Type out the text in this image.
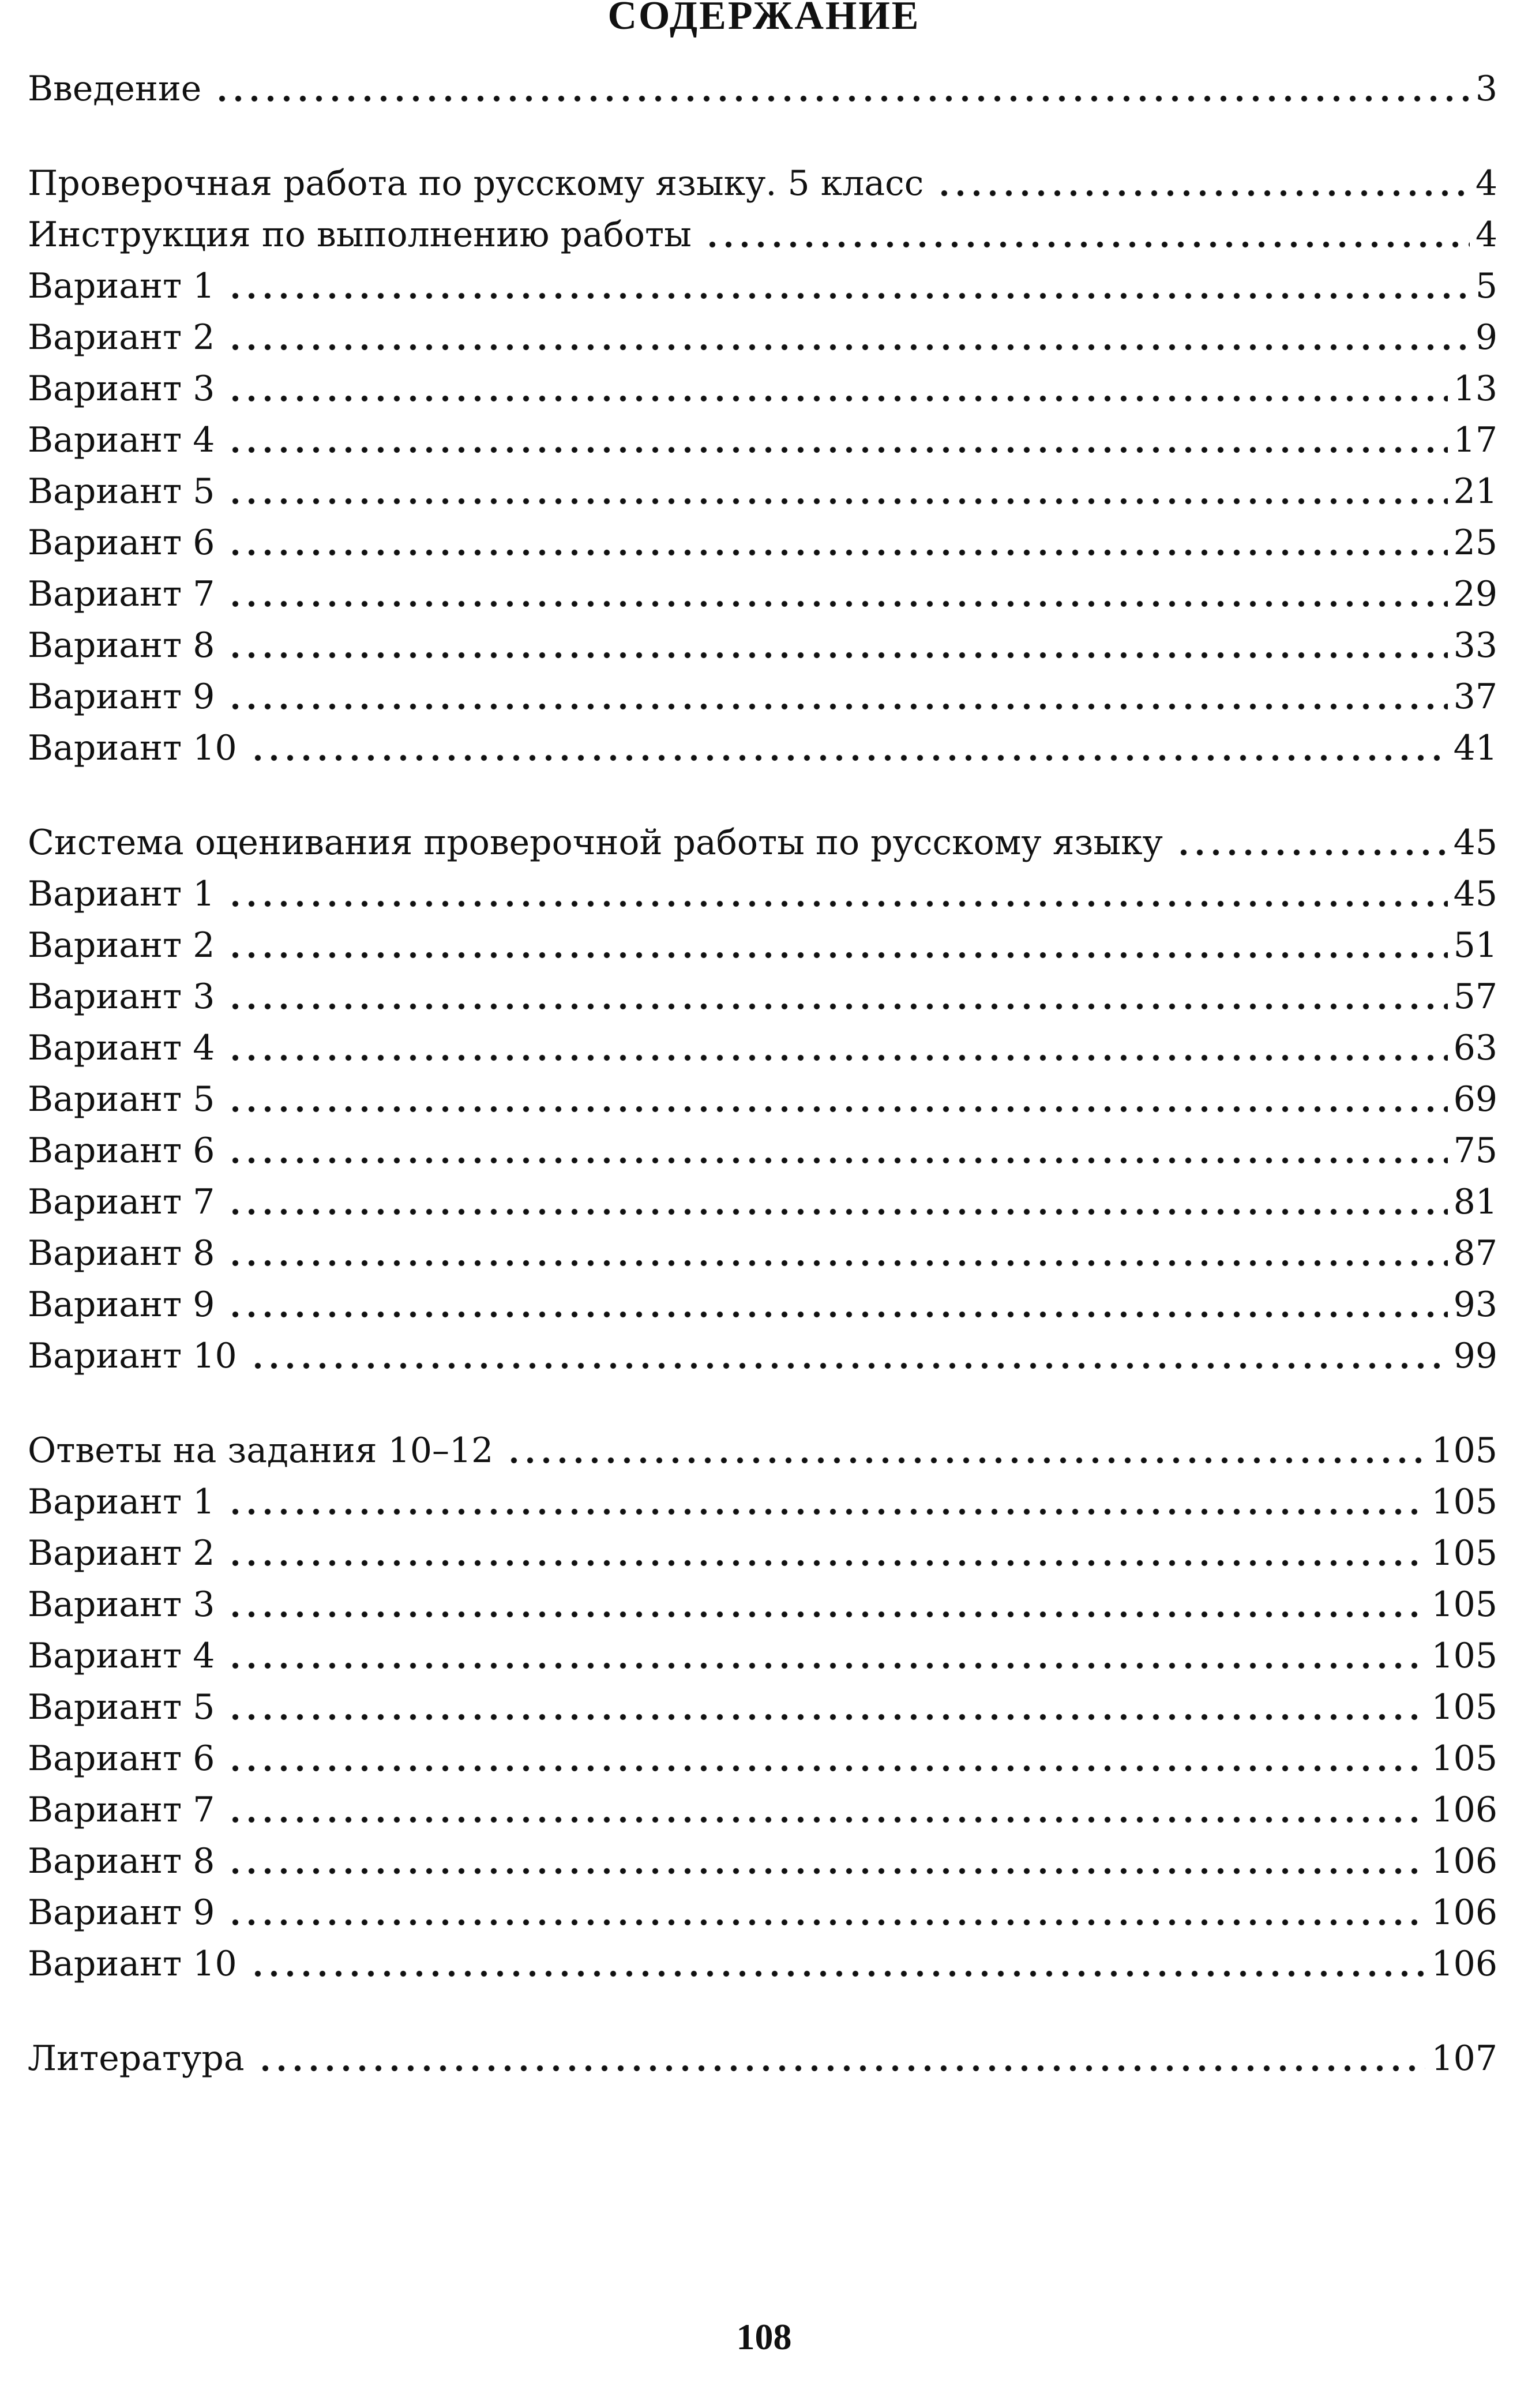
СОДЕРЖАНИЕ
Введение	3
Проверочная работа по русскому языку. 5 класс	4
Инструкция по выполнению работы	4
Вариант 1	5
Вариант 2	9
Вариант 3	13
Вариант 4	17
Вариант 5	21
Вариант 6	25
Вариант 7	29
Вариант 8	33
Вариант 9	37
Вариант 10	41
Система оценивания проверочной работы по русскому языку	45
Вариант 1	45
Вариант 2	51
Вариант 3	57
Вариант 4	63
Вариант 5	69
Вариант 6	75
Вариант 7	81
Вариант 8	87
Вариант 9	93
Вариант 10	99
Ответы на задания 10–12	105
Вариант 1	105
Вариант 2	105
Вариант 3	105
Вариант 4	105
Вариант 5	105
Вариант 6	105
Вариант 7	106
Вариант 8	106
Вариант 9	106
Вариант 10	106
Литература	107
108
